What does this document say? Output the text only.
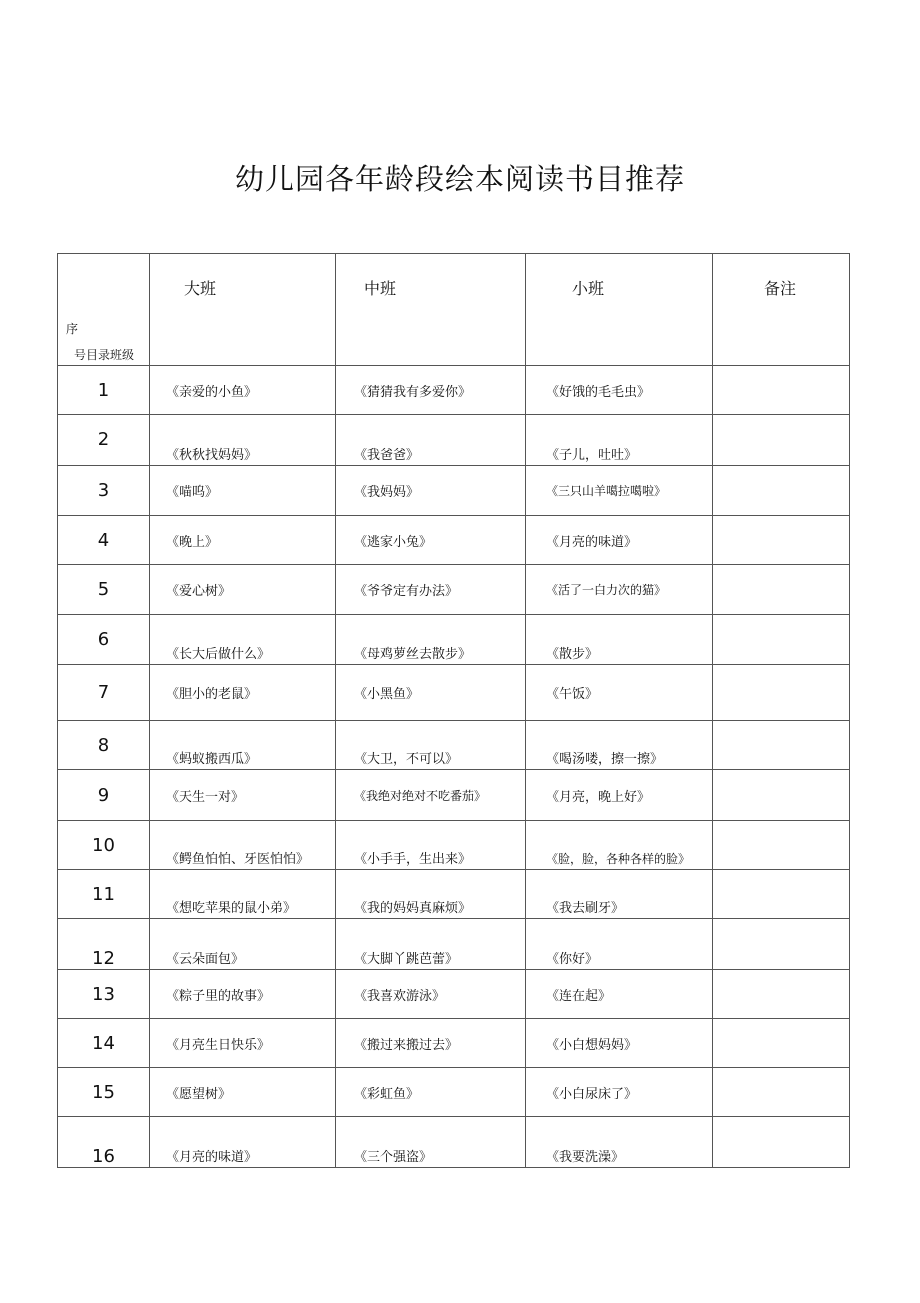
幼儿园各年龄段绘本阅读书目推荐
序
号目录班级	大班	中班	小班	备注

1	《亲爱的小鱼》	《猜猜我有多爱你》	《好饿的毛毛虫》	
2	《秋秋找妈妈》	《我爸爸》	《子儿，吐吐》	
3	《喵呜》	《我妈妈》	《三只山羊噶拉噶啦》	
4	《晚上》	《逃家小兔》	《月亮的味道》	
5	《爱心树》	《爷爷定有办法》	《活了一白力次的猫》	
6	《长大后做什么》	《母鸡萝丝去散步》	《散步》	
7	《胆小的老鼠》	《小黑鱼》	《午饭》	
8	《蚂蚁搬西瓜》	《大卫，不可以》	《喝汤喽，擦一擦》	
9	《天生一对》	《我绝对绝对不吃番茄》	《月亮，晚上好》	
10	《鳄鱼怕怕、牙医怕怕》	《小手手，生出来》	《脸，脸，各种各样的脸》	
11	《想吃苹果的鼠小弟》	《我的妈妈真麻烦》	《我去刷牙》	
12	《云朵面包》	《大脚丫跳芭蕾》	《你好》	
13	《粽子里的故事》	《我喜欢游泳》	《连在起》	
14	《月亮生日快乐》	《搬过来搬过去》	《小白想妈妈》	
15	《愿望树》	《彩虹鱼》	《小白尿床了》	
16	《月亮的味道》	《三个强盗》	《我要洗澡》	
